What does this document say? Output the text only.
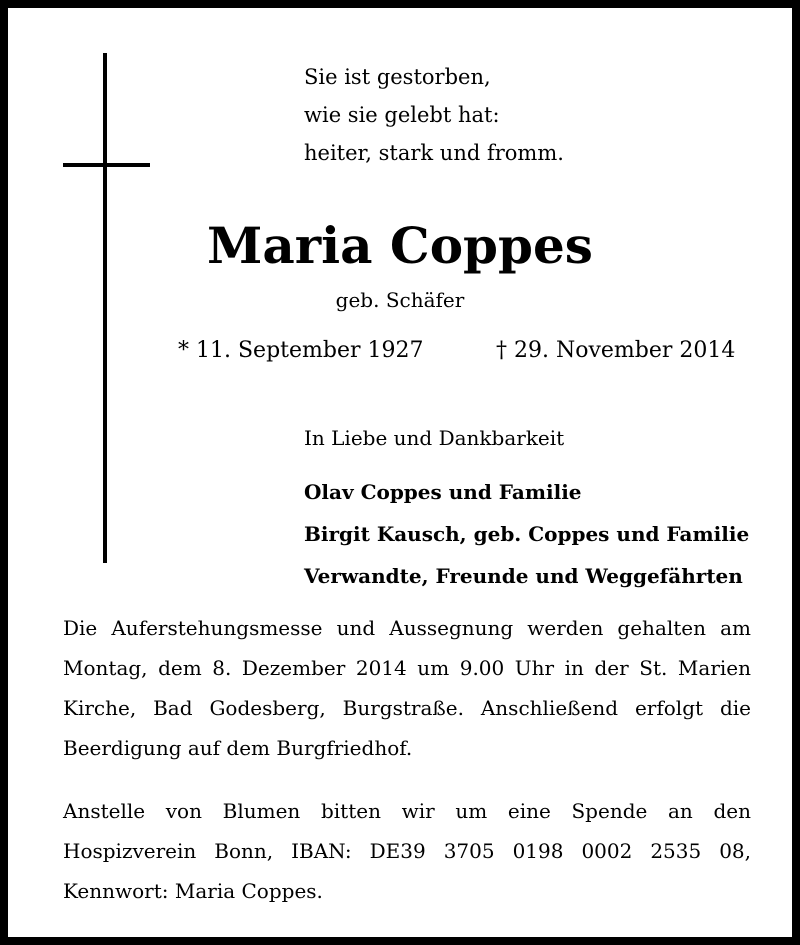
Sie ist gestorben,
wie sie gelebt hat:
heiter, stark und fromm.
Maria Coppes
geb. Schäfer
* 11. September 1927	† 29. November 2014
In Liebe und Dankbarkeit
Olav Coppes und Familie
Birgit Kausch, geb. Coppes und Familie
Verwandte, Freunde und Weggefährten
Die Auferstehungsmesse und Aussegnung werden gehalten am Montag, dem 8. Dezember 2014 um 9.00 Uhr in der St. Marien Kirche, Bad Godesberg, Burgstraße. Anschließend erfolgt die Beerdigung auf dem Burgfriedhof.
Anstelle von Blumen bitten wir um eine Spende an den Hospizverein Bonn, IBAN: DE39 3705 0198 0002 2535 08, Kennwort: Maria Coppes.
